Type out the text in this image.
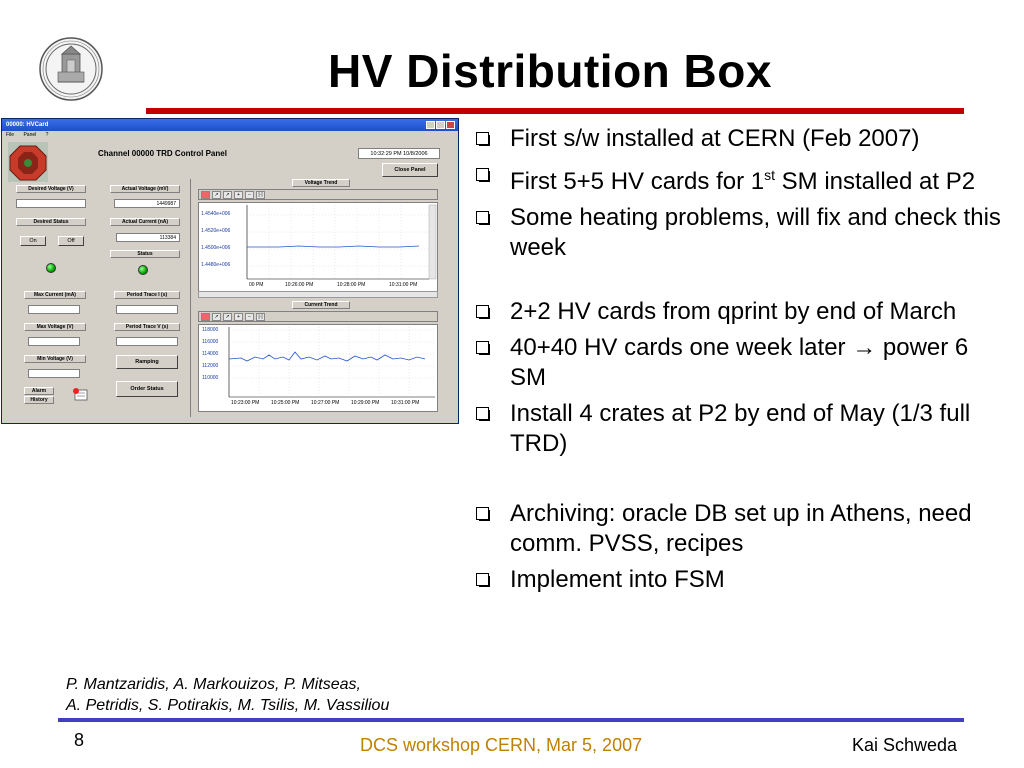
HV Distribution Box
00000: HVCard
File Panel ?
Channel 00000 TRD Control Panel	10:32:29 PM 10/8/2006
Close Panel
Desired Voltage (V)	Actual Voltage (mV)
1449987
Desired Status	Actual Current (nA)
On	Off	113384
Status
Max Current (mA)	Period Trace I (s)
Max Voltage (V)	Period Trace V (s)
Min Voltage (V)	Ramping
Alarm
History
Order Status
Voltage Trend
↗	↗	+	−	|·|
1.4540e+006
1.4520e+006
1.4500e+006
1.4480e+006
00 PM	10:26:00 PM	10:28:00 PM	10:31:00 PM
Current Trend
↗	↗	+	−	|·|
118000
116000
114000
112000
110000
10:23:00 PM 10:25:00 PM 10:27:00 PM 10:29:00 PM 10:31:00 PM
First s/w installed at CERN (Feb 2007)
First 5+5 HV cards for 1st SM installed at P2
Some heating problems, will fix and check this week
2+2 HV cards from qprint by end of March
40+40 HV cards one week later → power 6 SM
Install 4 crates at P2 by end of May (1/3 full TRD)
Archiving: oracle DB set up in Athens, need comm. PVSS, recipes
Implement into FSM
P. Mantzaridis, A. Markouizos, P. Mitseas,
A. Petridis, S. Potirakis, M. Tsilis, M. Vassiliou
8	DCS workshop CERN, Mar 5, 2007	Kai Schweda
